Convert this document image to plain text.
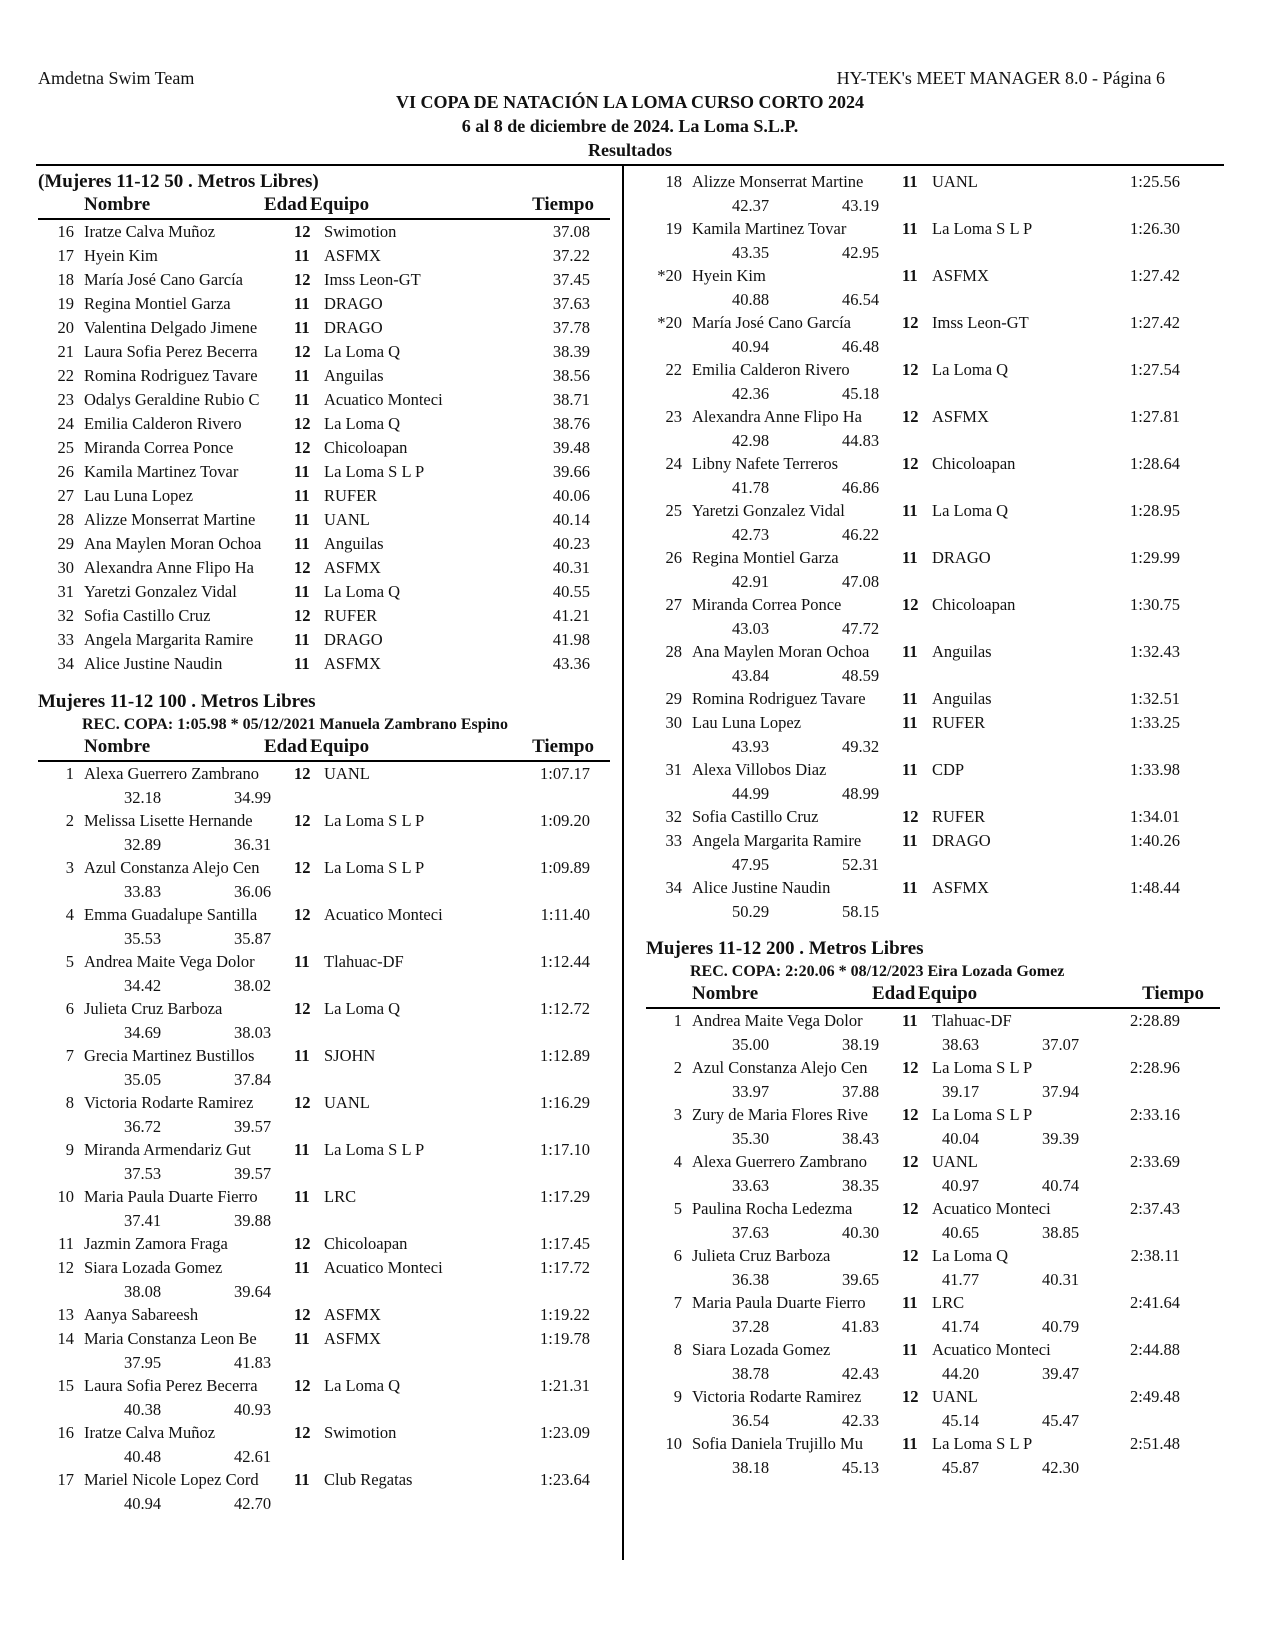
Amdetna Swim Team	HY-TEK's MEET MANAGER 8.0 - Página 6
VI COPA DE NATACIÓN LA LOMA CURSO CORTO 2024
6 al 8 de diciembre de 2024. La Loma S.L.P.
Resultados
(Mujeres 11-12 50 . Metros Libres)
Nombre	Edad Equipo	Tiempo
16 Iratze Calva Muñoz	12 Swimotion	37.08
17 Hyein Kim	11 ASFMX	37.22
18 María José Cano García	12 Imss Leon-GT	37.45
19 Regina Montiel Garza	11 DRAGO	37.63
20 Valentina Delgado Jimene	11 DRAGO	37.78
21 Laura Sofia Perez Becerra	12 La Loma Q	38.39
22 Romina Rodriguez Tavare	11 Anguilas	38.56
23 Odalys Geraldine Rubio C	11 Acuatico Monteci	38.71
24 Emilia Calderon Rivero	12 La Loma Q	38.76
25 Miranda Correa Ponce	12 Chicoloapan	39.48
26 Kamila Martinez Tovar	11 La Loma S L P	39.66
27 Lau Luna Lopez	11 RUFER	40.06
28 Alizze Monserrat Martine	11 UANL	40.14
29 Ana Maylen Moran Ochoa	11 Anguilas	40.23
30 Alexandra Anne Flipo Ha	12 ASFMX	40.31
31 Yaretzi Gonzalez Vidal	11 La Loma Q	40.55
32 Sofia Castillo Cruz	12 RUFER	41.21
33 Angela Margarita Ramire	11 DRAGO	41.98
34 Alice Justine Naudin	11 ASFMX	43.36
Mujeres 11-12 100 . Metros Libres
REC. COPA: 1:05.98 * 05/12/2021 Manuela Zambrano Espino
Nombre	Edad Equipo	Tiempo
1 Alexa Guerrero Zambrano	12 UANL	1:07.17
32.18	34.99
2 Melissa Lisette Hernande	12 La Loma S L P	1:09.20
32.89	36.31
3 Azul Constanza Alejo Cen	12 La Loma S L P	1:09.89
33.83	36.06
4 Emma Guadalupe Santilla	12 Acuatico Monteci	1:11.40
35.53	35.87
5 Andrea Maite Vega Dolor	11 Tlahuac-DF	1:12.44
34.42	38.02
6 Julieta Cruz Barboza	12 La Loma Q	1:12.72
34.69	38.03
7 Grecia Martinez Bustillos	11 SJOHN	1:12.89
35.05	37.84
8 Victoria Rodarte Ramirez	12 UANL	1:16.29
36.72	39.57
9 Miranda Armendariz Gut	11 La Loma S L P	1:17.10
37.53	39.57
10 Maria Paula Duarte Fierro	11 LRC	1:17.29
37.41	39.88
11 Jazmin Zamora Fraga	12 Chicoloapan	1:17.45
12 Siara Lozada Gomez	11 Acuatico Monteci	1:17.72
38.08	39.64
13 Aanya Sabareesh	12 ASFMX	1:19.22
14 Maria Constanza Leon Be	11 ASFMX	1:19.78
37.95	41.83
15 Laura Sofia Perez Becerra	12 La Loma Q	1:21.31
40.38	40.93
16 Iratze Calva Muñoz	12 Swimotion	1:23.09
40.48	42.61
17 Mariel Nicole Lopez Cord	11 Club Regatas	1:23.64
40.94	42.70
18 Alizze Monserrat Martine	11 UANL	1:25.56
42.37	43.19
19 Kamila Martinez Tovar	11 La Loma S L P	1:26.30
43.35	42.95
*20 Hyein Kim	11 ASFMX	1:27.42
40.88	46.54
*20 María José Cano García	12 Imss Leon-GT	1:27.42
40.94	46.48
22 Emilia Calderon Rivero	12 La Loma Q	1:27.54
42.36	45.18
23 Alexandra Anne Flipo Ha	12 ASFMX	1:27.81
42.98	44.83
24 Libny Nafete Terreros	12 Chicoloapan	1:28.64
41.78	46.86
25 Yaretzi Gonzalez Vidal	11 La Loma Q	1:28.95
42.73	46.22
26 Regina Montiel Garza	11 DRAGO	1:29.99
42.91	47.08
27 Miranda Correa Ponce	12 Chicoloapan	1:30.75
43.03	47.72
28 Ana Maylen Moran Ochoa	11 Anguilas	1:32.43
43.84	48.59
29 Romina Rodriguez Tavare	11 Anguilas	1:32.51
30 Lau Luna Lopez	11 RUFER	1:33.25
43.93	49.32
31 Alexa Villobos Diaz	11 CDP	1:33.98
44.99	48.99
32 Sofia Castillo Cruz	12 RUFER	1:34.01
33 Angela Margarita Ramire	11 DRAGO	1:40.26
47.95	52.31
34 Alice Justine Naudin	11 ASFMX	1:48.44
50.29	58.15
Mujeres 11-12 200 . Metros Libres
REC. COPA: 2:20.06 * 08/12/2023 Eira Lozada Gomez
Nombre	Edad Equipo	Tiempo
1 Andrea Maite Vega Dolor	11 Tlahuac-DF	2:28.89
35.00	38.19	38.63	37.07
2 Azul Constanza Alejo Cen	12 La Loma S L P	2:28.96
33.97	37.88	39.17	37.94
3 Zury de Maria Flores Rive	12 La Loma S L P	2:33.16
35.30	38.43	40.04	39.39
4 Alexa Guerrero Zambrano	12 UANL	2:33.69
33.63	38.35	40.97	40.74
5 Paulina Rocha Ledezma	12 Acuatico Monteci	2:37.43
37.63	40.30	40.65	38.85
6 Julieta Cruz Barboza	12 La Loma Q	2:38.11
36.38	39.65	41.77	40.31
7 Maria Paula Duarte Fierro	11 LRC	2:41.64
37.28	41.83	41.74	40.79
8 Siara Lozada Gomez	11 Acuatico Monteci	2:44.88
38.78	42.43	44.20	39.47
9 Victoria Rodarte Ramirez	12 UANL	2:49.48
36.54	42.33	45.14	45.47
10 Sofia Daniela Trujillo Mu	11 La Loma S L P	2:51.48
38.18	45.13	45.87	42.30
